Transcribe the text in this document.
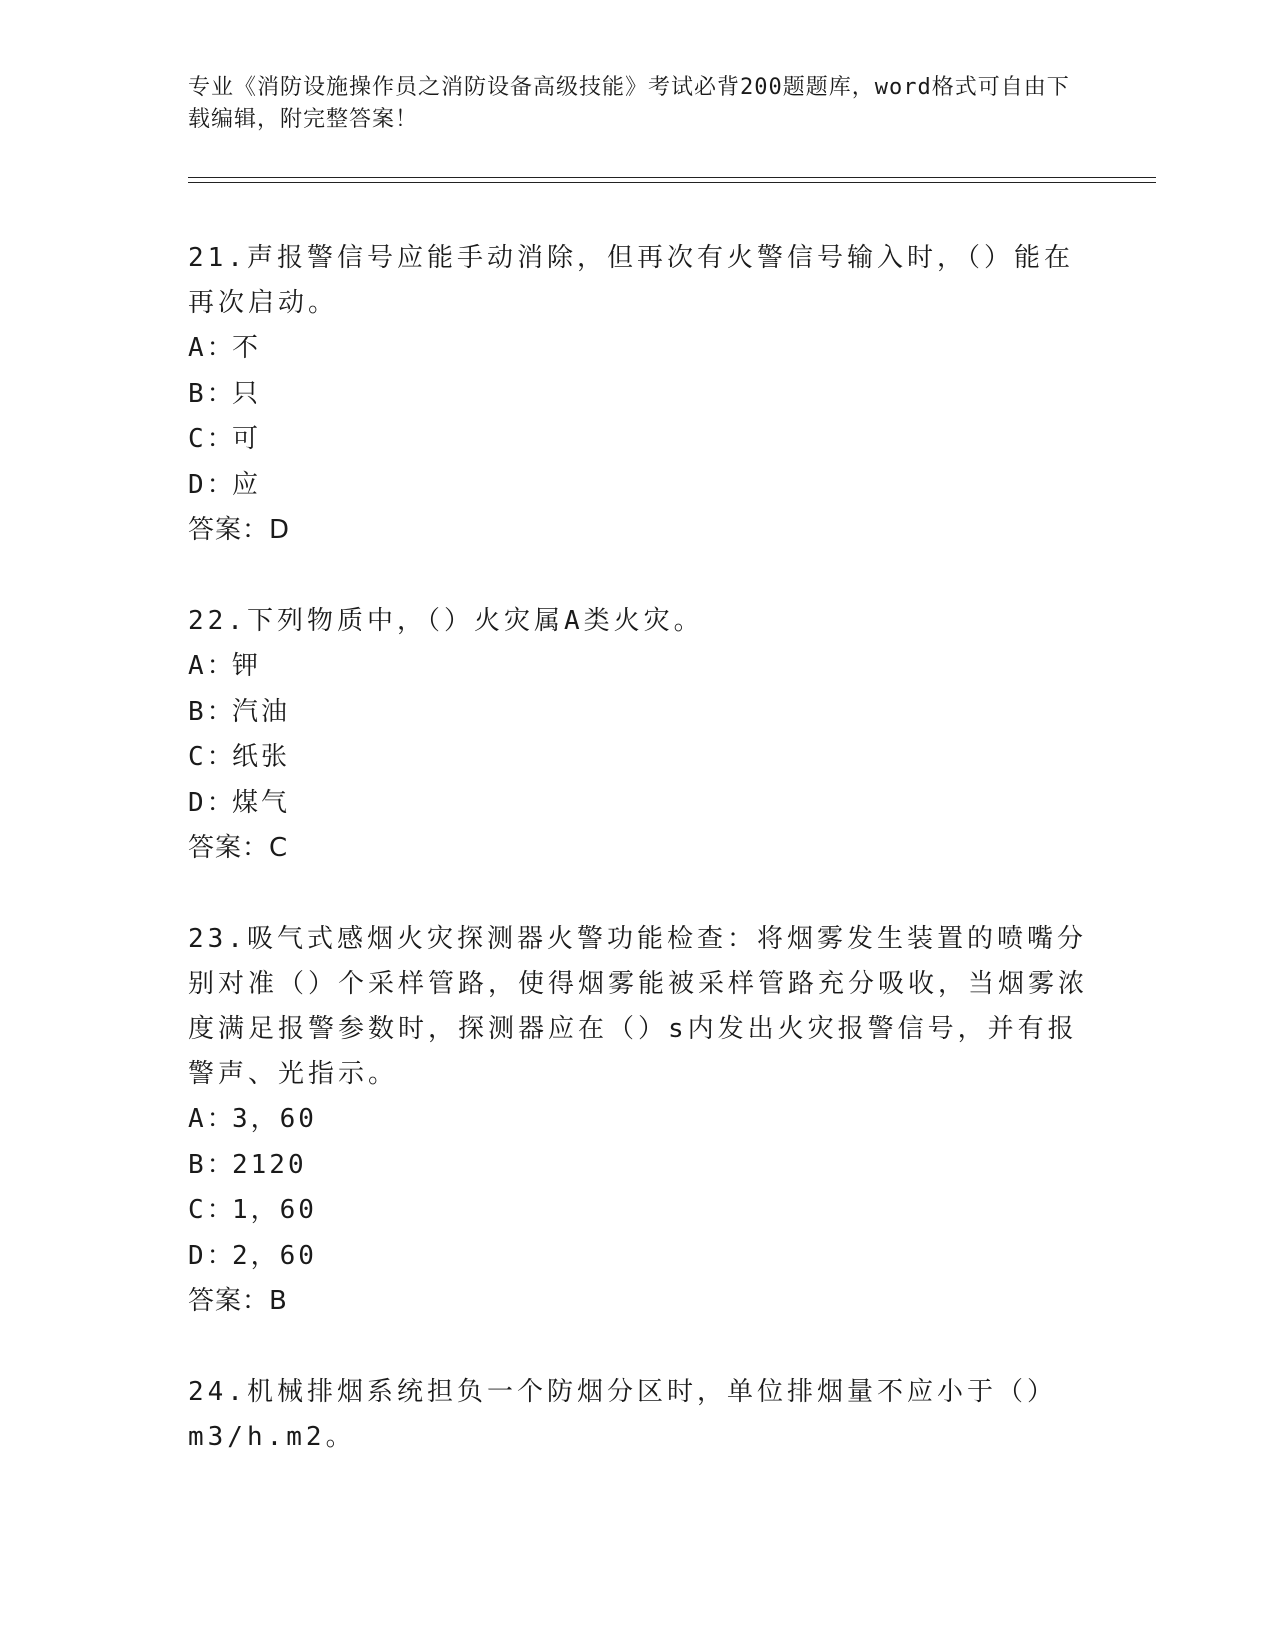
专业《消防设施操作员之消防设备高级技能》考试必背200题题库，word格式可自由下载编辑，附完整答案！

21.声报警信号应能手动消除，但再次有火警信号输入时，（）能在再次启动。

A：不

B：只

C：可

D：应

答案：D

22.下列物质中，（）火灾属A类火灾。

A：钾

B：汽油

C：纸张

D：煤气

答案：C

23.吸气式感烟火灾探测器火警功能检查：将烟雾发生装置的喷嘴分别对准（）个采样管路，使得烟雾能被采样管路充分吸收，当烟雾浓度满足报警参数时，探测器应在（）s内发出火灾报警信号，并有报警声、光指示。

A：3，60

B：2120

C：1，60

D：2，60

答案：B

24.机械排烟系统担负一个防烟分区时，单位排烟量不应小于（）m3/h.m2。
